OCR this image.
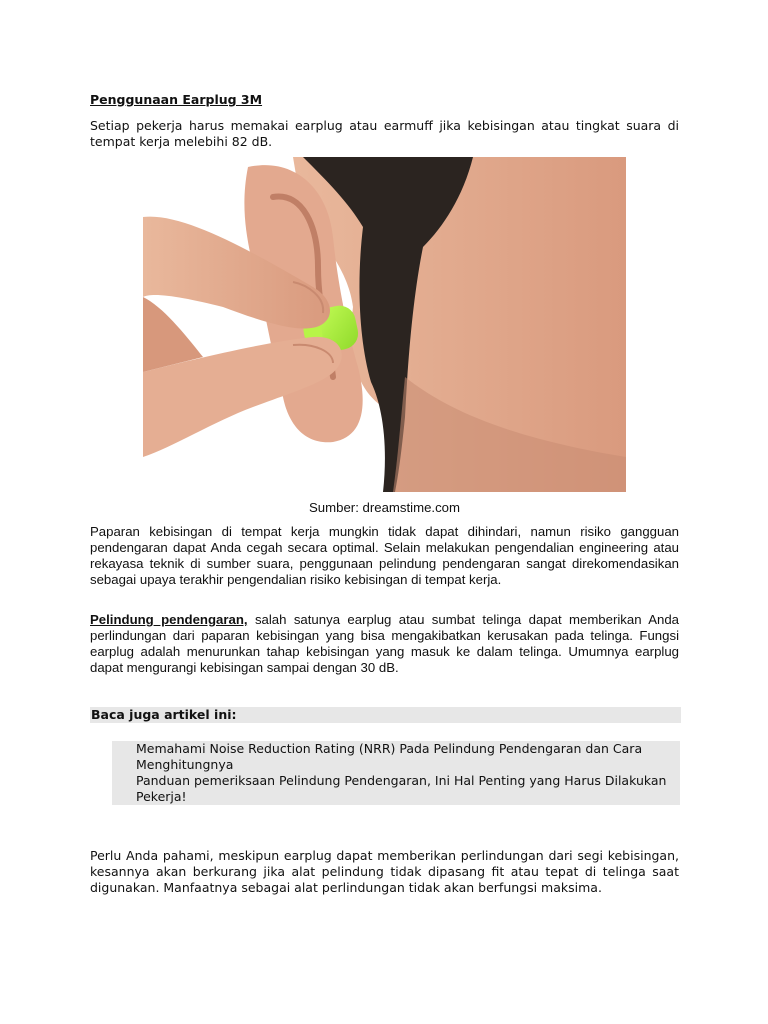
Penggunaan Earplug 3M

Setiap pekerja harus memakai earplug atau earmuff jika kebisingan atau tingkat suara di tempat kerja melebihi 82 dB.

Sumber: dreamstime.com

Paparan kebisingan di tempat kerja mungkin tidak dapat dihindari, namun risiko gangguan pendengaran dapat Anda cegah secara optimal. Selain melakukan pengendalian engineering atau rekayasa teknik di sumber suara, penggunaan pelindung pendengaran sangat direkomendasikan sebagai upaya terakhir pengendalian risiko kebisingan di tempat kerja.

Pelindung pendengaran, salah satunya earplug atau sumbat telinga dapat memberikan Anda perlindungan dari paparan kebisingan yang bisa mengakibatkan kerusakan pada telinga. Fungsi earplug adalah menurunkan tahap kebisingan yang masuk ke dalam telinga. Umumnya earplug dapat mengurangi kebisingan sampai dengan 30 dB.

Baca juga artikel ini:
Memahami Noise Reduction Rating (NRR) Pada Pelindung Pendengaran dan Cara Menghitungnya
Panduan pemeriksaan Pelindung Pendengaran, Ini Hal Penting yang Harus Dilakukan Pekerja!

Perlu Anda pahami, meskipun earplug dapat memberikan perlindungan dari segi kebisingan, kesannya akan berkurang jika alat pelindung tidak dipasang fit atau tepat di telinga saat digunakan. Manfaatnya sebagai alat perlindungan tidak akan berfungsi maksima.
